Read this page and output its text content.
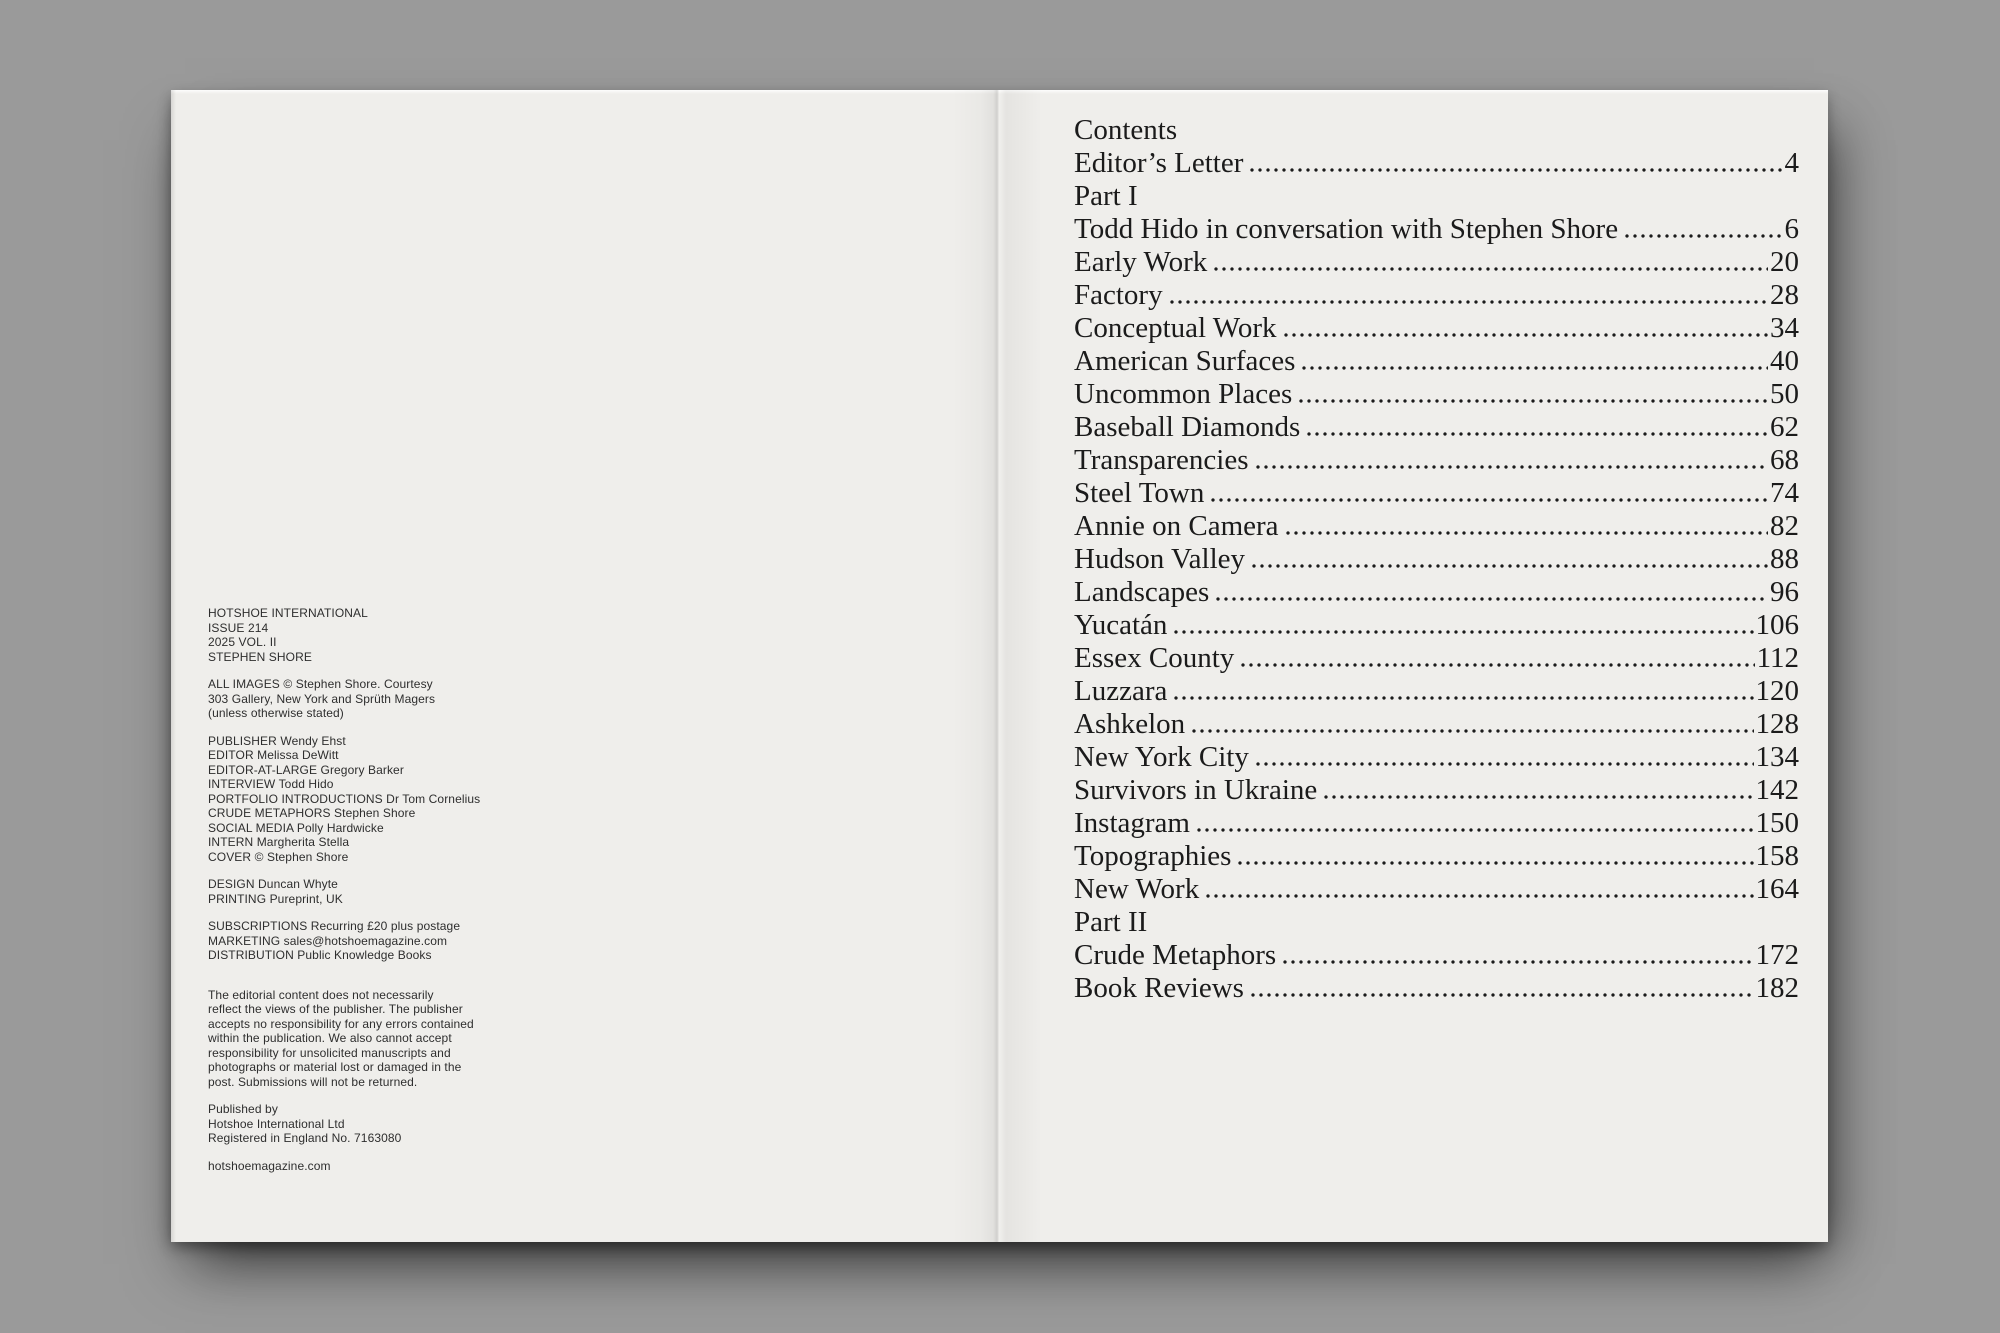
HOTSHOE INTERNATIONAL
ISSUE 214
2025 VOL. II
STEPHEN SHORE
ALL IMAGES © Stephen Shore. Courtesy
303 Gallery, New York and Sprüth Magers
(unless otherwise stated)
PUBLISHER Wendy Ehst
EDITOR Melissa DeWitt
EDITOR-AT-LARGE Gregory Barker
INTERVIEW Todd Hido
PORTFOLIO INTRODUCTIONS Dr Tom Cornelius
CRUDE METAPHORS Stephen Shore
SOCIAL MEDIA Polly Hardwicke
INTERN Margherita Stella
COVER © Stephen Shore
DESIGN Duncan Whyte
PRINTING Pureprint, UK
SUBSCRIPTIONS Recurring £20 plus postage
MARKETING sales@hotshoemagazine.com
DISTRIBUTION Public Knowledge Books
The editorial content does not necessarily
reflect the views of the publisher. The publisher
accepts no responsibility for any errors contained
within the publication. We also cannot accept
responsibility for unsolicited manuscripts and
photographs or material lost or damaged in the
post. Submissions will not be returned.
Published by
Hotshoe International Ltd
Registered in England No. 7163080
hotshoemagazine.com
Contents
Editor’s Letter	4
Part I
Todd Hido in conversation with Stephen Shore	6
Early Work	20
Factory	28
Conceptual Work	34
American Surfaces	40
Uncommon Places	50
Baseball Diamonds	62
Transparencies	68
Steel Town	74
Annie on Camera	82
Hudson Valley	88
Landscapes	96
Yucatán	106
Essex County	112
Luzzara	120
Ashkelon	128
New York City	134
Survivors in Ukraine	142
Instagram	150
Topographies	158
New Work	164
Part II
Crude Metaphors	172
Book Reviews	182
